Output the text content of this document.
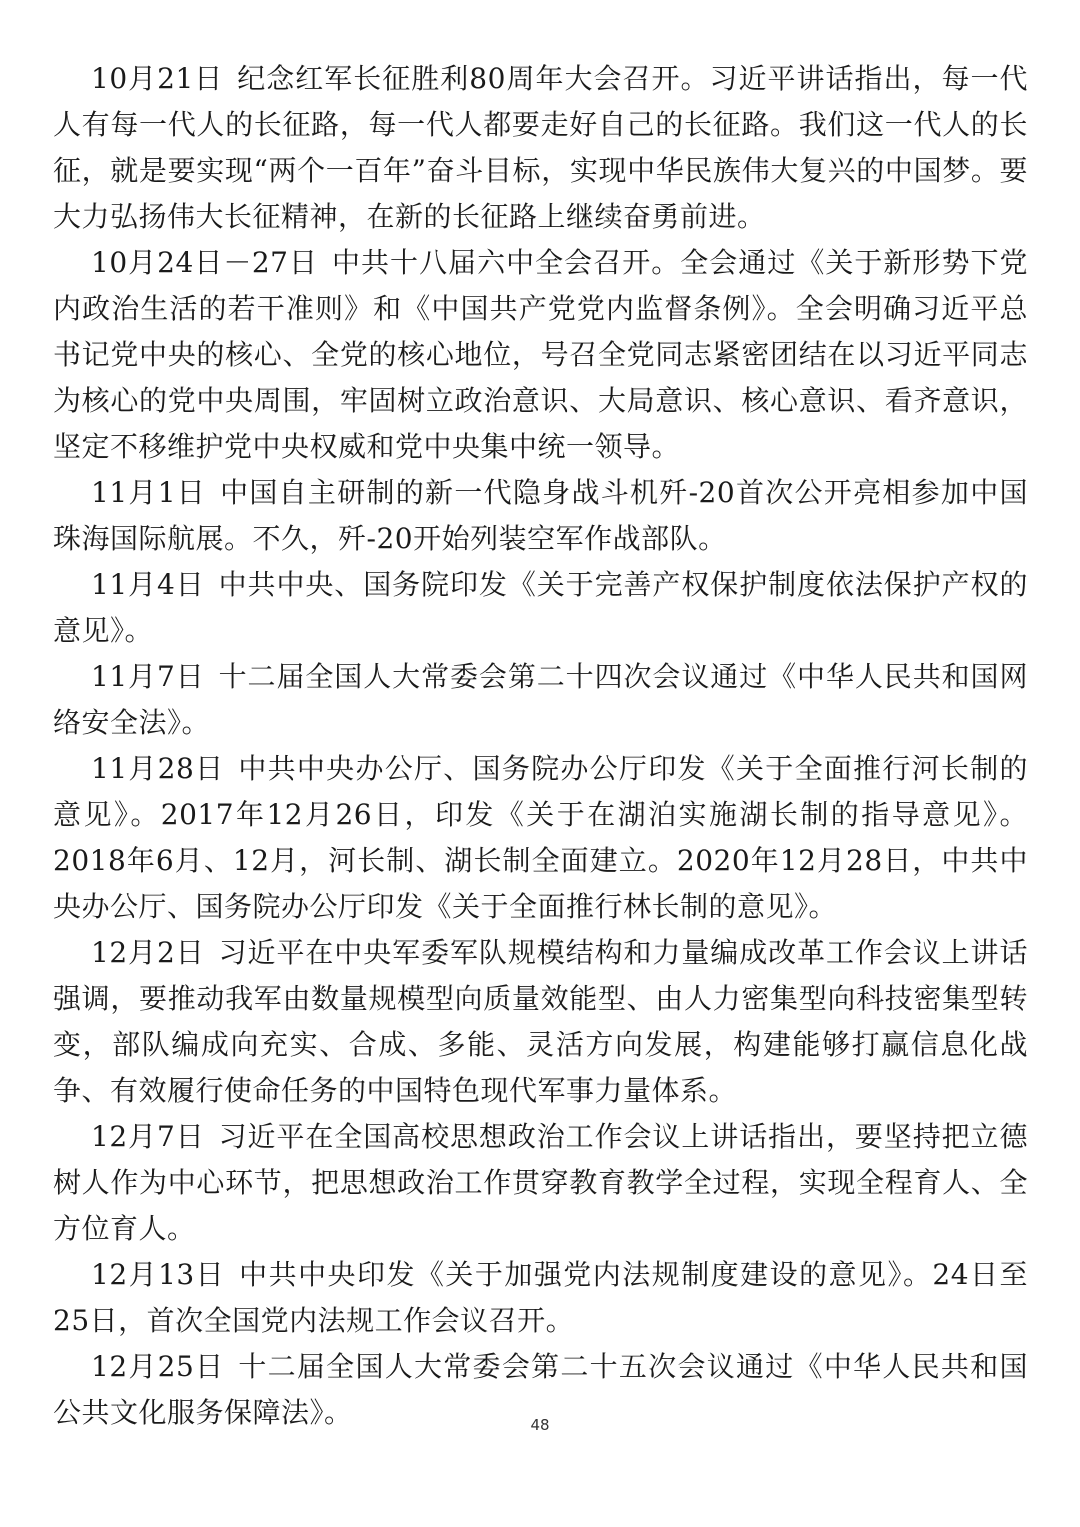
10月21日 纪念红军长征胜利80周年大会召开。习近平讲话指出，每一代人有每一代人的长征路，每一代人都要走好自己的长征路。我们这一代人的长征，就是要实现“两个一百年”奋斗目标，实现中华民族伟大复兴的中国梦。要大力弘扬伟大长征精神，在新的长征路上继续奋勇前进。

10月24日－27日 中共十八届六中全会召开。全会通过《关于新形势下党内政治生活的若干准则》和《中国共产党党内监督条例》。全会明确习近平总书记党中央的核心、全党的核心地位，号召全党同志紧密团结在以习近平同志为核心的党中央周围，牢固树立政治意识、大局意识、核心意识、看齐意识，坚定不移维护党中央权威和党中央集中统一领导。

11月1日 中国自主研制的新一代隐身战斗机歼-20首次公开亮相参加中国珠海国际航展。不久，歼-20开始列装空军作战部队。

11月4日 中共中央、国务院印发《关于完善产权保护制度依法保护产权的意见》。

11月7日 十二届全国人大常委会第二十四次会议通过《中华人民共和国网络安全法》。

11月28日 中共中央办公厅、国务院办公厅印发《关于全面推行河长制的意见》。2017年12月26日，印发《关于在湖泊实施湖长制的指导意见》。2018年6月、12月，河长制、湖长制全面建立。2020年12月28日，中共中央办公厅、国务院办公厅印发《关于全面推行林长制的意见》。

12月2日 习近平在中央军委军队规模结构和力量编成改革工作会议上讲话强调，要推动我军由数量规模型向质量效能型、由人力密集型向科技密集型转变，部队编成向充实、合成、多能、灵活方向发展，构建能够打赢信息化战争、有效履行使命任务的中国特色现代军事力量体系。

12月7日 习近平在全国高校思想政治工作会议上讲话指出，要坚持把立德树人作为中心环节，把思想政治工作贯穿教育教学全过程，实现全程育人、全方位育人。

12月13日 中共中央印发《关于加强党内法规制度建设的意见》。24日至25日，首次全国党内法规工作会议召开。

12月25日 十二届全国人大常委会第二十五次会议通过《中华人民共和国公共文化服务保障法》。	48
